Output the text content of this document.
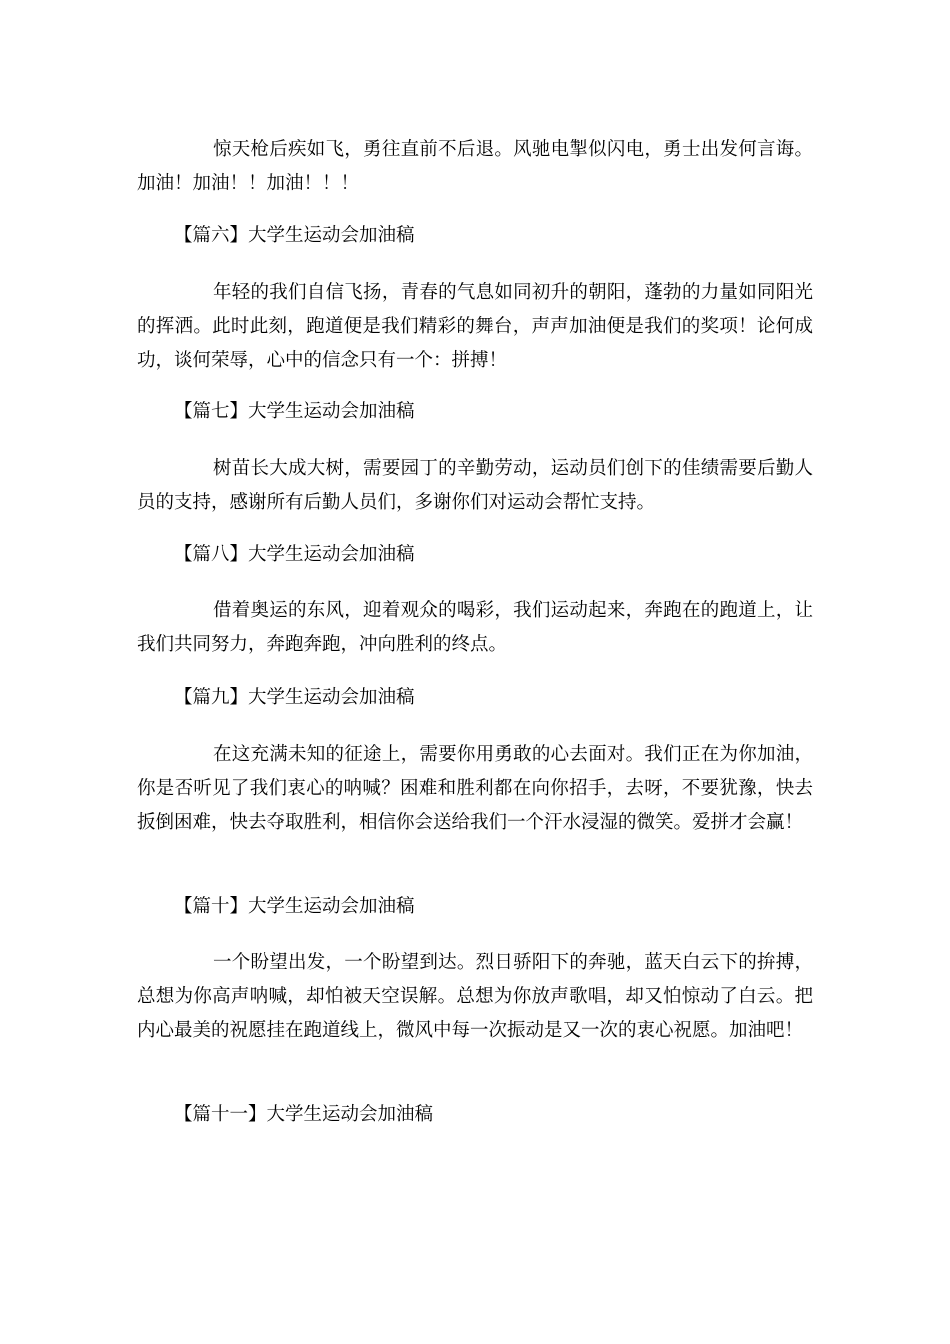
惊天枪后疾如飞，勇往直前不后退。风驰电掣似闪电，勇士出发何言诲。加油！加油！！加油！！！

【篇六】大学生运动会加油稿

年轻的我们自信飞扬，青春的气息如同初升的朝阳，蓬勃的力量如同阳光的挥洒。此时此刻，跑道便是我们精彩的舞台，声声加油便是我们的奖项！论何成功，谈何荣辱，心中的信念只有一个：拼搏！

【篇七】大学生运动会加油稿

树苗长大成大树，需要园丁的辛勤劳动，运动员们创下的佳绩需要后勤人员的支持，感谢所有后勤人员们，多谢你们对运动会帮忙支持。

【篇八】大学生运动会加油稿

借着奥运的东风，迎着观众的喝彩，我们运动起来，奔跑在的跑道上，让我们共同努力，奔跑奔跑，冲向胜利的终点。

【篇九】大学生运动会加油稿

在这充满未知的征途上，需要你用勇敢的心去面对。我们正在为你加油，你是否听见了我们衷心的呐喊？困难和胜利都在向你招手，去呀，不要犹豫，快去扳倒困难，快去夺取胜利，相信你会送给我们一个汗水浸湿的微笑。爱拼才会赢！

【篇十】大学生运动会加油稿

一个盼望出发，一个盼望到达。烈日骄阳下的奔驰，蓝天白云下的拚搏，总想为你高声呐喊，却怕被天空误解。总想为你放声歌唱，却又怕惊动了白云。把内心最美的祝愿挂在跑道线上，微风中每一次振动是又一次的衷心祝愿。加油吧！

【篇十一】大学生运动会加油稿
